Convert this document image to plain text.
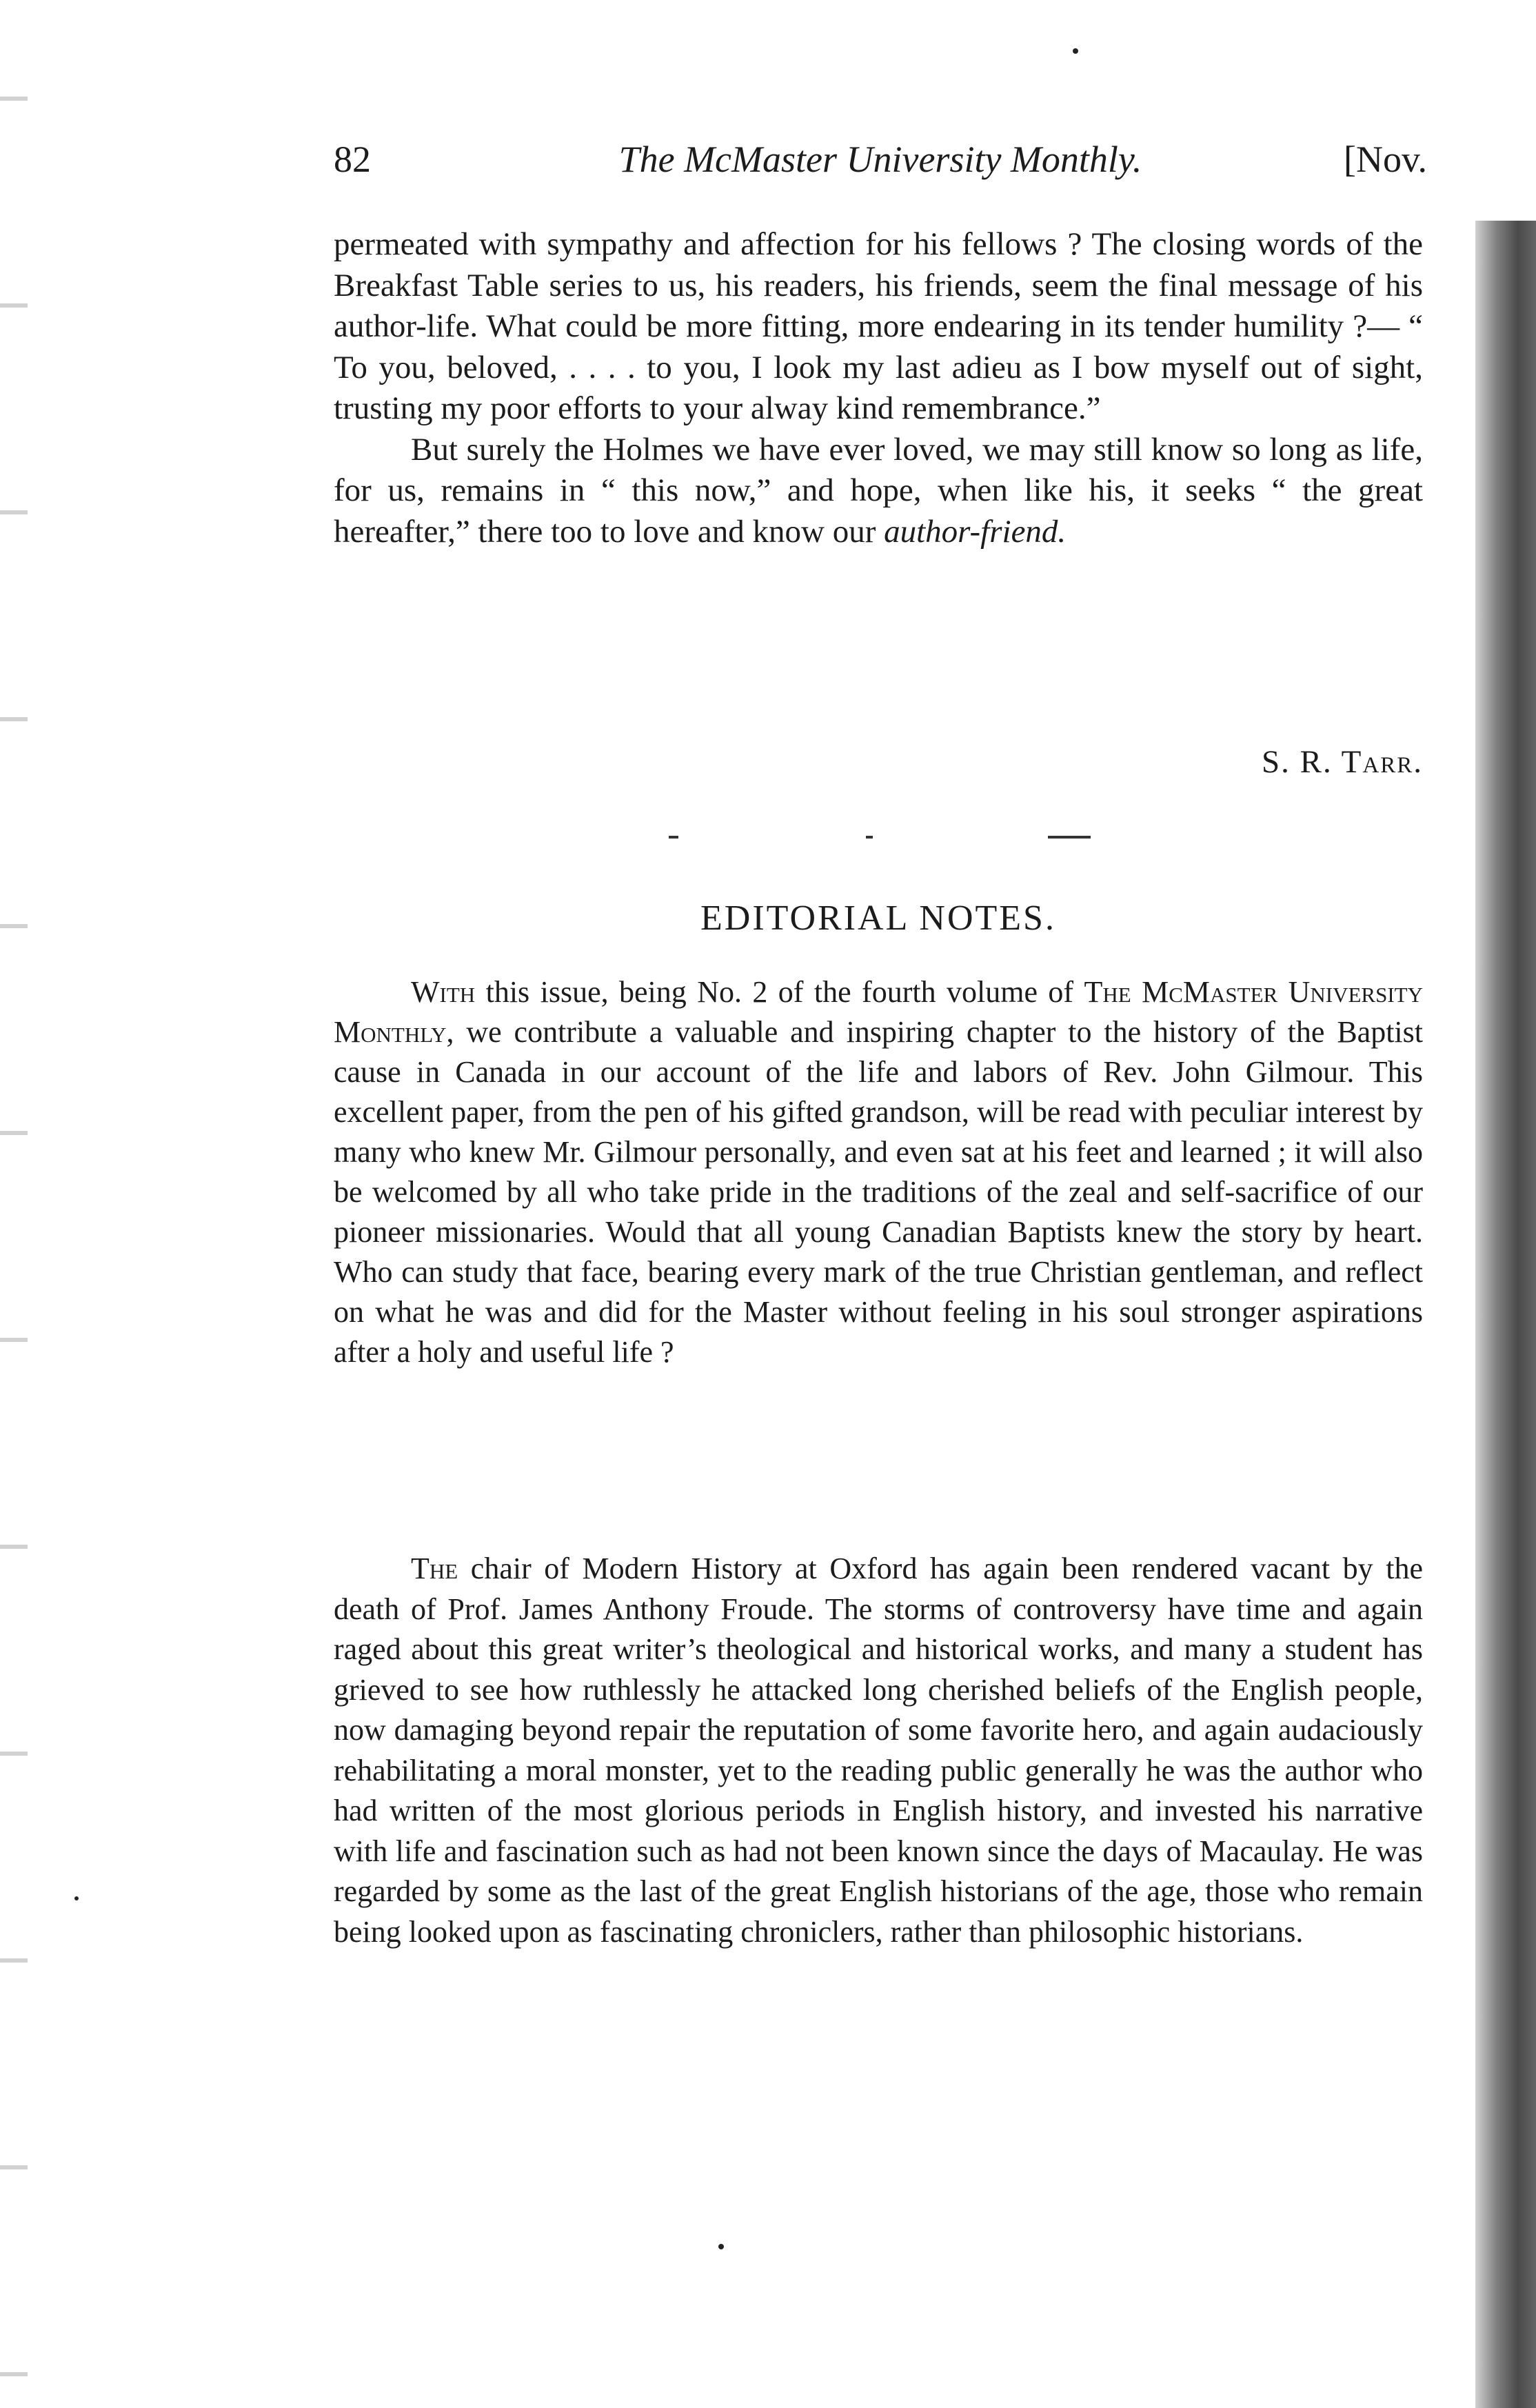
82	The McMaster University Monthly.	[Nov.

permeated with sympathy and affection for his fellows ? The closing words of the Breakfast Table series to us, his readers, his friends, seem the final message of his author-life. What could be more fitting, more endearing in its tender humility ?— “ To you, beloved, . . . . to you, I look my last adieu as I bow myself out of sight, trusting my poor efforts to your alway kind remembrance.”

But surely the Holmes we have ever loved, we may still know so long as life, for us, remains in “ this now,” and hope, when like his, it seeks “ the great hereafter,” there too to love and know our author-friend.

S. R. Tarr.
EDITORIAL NOTES.

With this issue, being No. 2 of the fourth volume of The McMaster University Monthly, we contribute a valuable and inspiring chapter to the history of the Baptist cause in Canada in our account of the life and labors of Rev. John Gilmour. This excellent paper, from the pen of his gifted grandson, will be read with peculiar interest by many who knew Mr. Gilmour personally, and even sat at his feet and learned ; it will also be welcomed by all who take pride in the traditions of the zeal and self-sacrifice of our pioneer missionaries. Would that all young Canadian Baptists knew the story by heart. Who can study that face, bearing every mark of the true Christian gentleman, and reflect on what he was and did for the Master without feeling in his soul stronger aspirations after a holy and useful life ?

The chair of Modern History at Oxford has again been rendered vacant by the death of Prof. James Anthony Froude. The storms of controversy have time and again raged about this great writer’s theological and historical works, and many a student has grieved to see how ruthlessly he attacked long cherished beliefs of the English people, now damaging beyond repair the reputation of some favorite hero, and again audaciously rehabilitating a moral monster, yet to the reading public generally he was the author who had written of the most glorious periods in English history, and invested his narrative with life and fascination such as had not been known since the days of Macaulay. He was regarded by some as the last of the great English historians of the age, those who remain being looked upon as fascinating chroniclers, rather than philosophic historians.
